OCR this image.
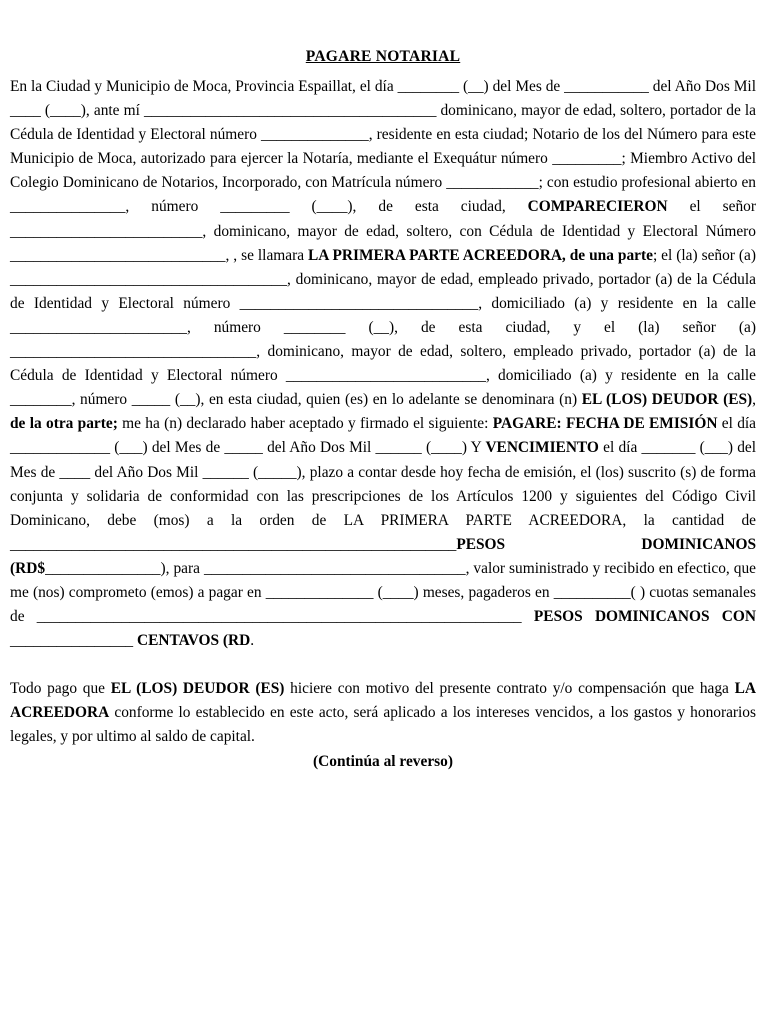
PAGARE NOTARIAL

En la Ciudad y Municipio de Moca, Provincia Espaillat, el día ________ (__) del Mes de ___________ del Año Dos Mil ____ (____), ante mí ______________________________________ dominicano, mayor de edad, soltero, portador de la Cédula de Identidad y Electoral número ______________, residente en esta ciudad; Notario de los del Número para este Municipio de Moca, autorizado para ejercer la Notaría, mediante el Exequátur número _________; Miembro Activo del Colegio Dominicano de Notarios, Incorporado, con Matrícula número ____________; con estudio profesional abierto en _______________, número _________ (____), de esta ciudad, COMPARECIERON el señor _________________________, dominicano, mayor de edad, soltero, con Cédula de Identidad y Electoral Número ____________________________, , se llamara LA PRIMERA PARTE ACREEDORA, de una parte; el (la) señor (a) ____________________________________, dominicano, mayor de edad, empleado privado, portador (a) de la Cédula de Identidad y Electoral número _______________________________, domiciliado (a) y residente en la calle _______________________, número ________ (__), de esta ciudad, y el (la) señor (a) ________________________________, dominicano, mayor de edad, soltero, empleado privado, portador (a) de la Cédula de Identidad y Electoral número __________________________, domiciliado (a) y residente en la calle ________, número _____ (__), en esta ciudad, quien (es) en lo adelante se denominara (n) EL (LOS) DEUDOR (ES), de la otra parte; me ha (n) declarado haber aceptado y firmado el siguiente: PAGARE: FECHA DE EMISIÓN el día _____________ (___) del Mes de _____ del Año Dos Mil ______ (____) Y VENCIMIENTO el día _______ (___) del Mes de ____ del Año Dos Mil ______ (_____), plazo a contar desde hoy fecha de emisión, el (los) suscrito (s) de forma conjunta y solidaria de conformidad con las prescripciones de los Artículos 1200 y siguientes del Código Civil Dominicano, debe (mos) a la orden de LA PRIMERA PARTE ACREEDORA, la cantidad de __________________________________________________________PESOS DOMINICANOS (RD$_______________), para __________________________________, valor suministrado y recibido en efectico, que me (nos) comprometo (emos) a pagar en ______________ (____) meses, pagaderos en __________( ) cuotas semanales de _______________________________________________________________ PESOS DOMINICANOS CON ________________ CENTAVOS (RD.

Todo pago que EL (LOS) DEUDOR (ES) hiciere con motivo del presente contrato y/o compensación que haga LA ACREEDORA conforme lo establecido en este acto, será aplicado a los intereses vencidos, a los gastos y honorarios legales, y por ultimo al saldo de capital.

(Continúa al reverso)
